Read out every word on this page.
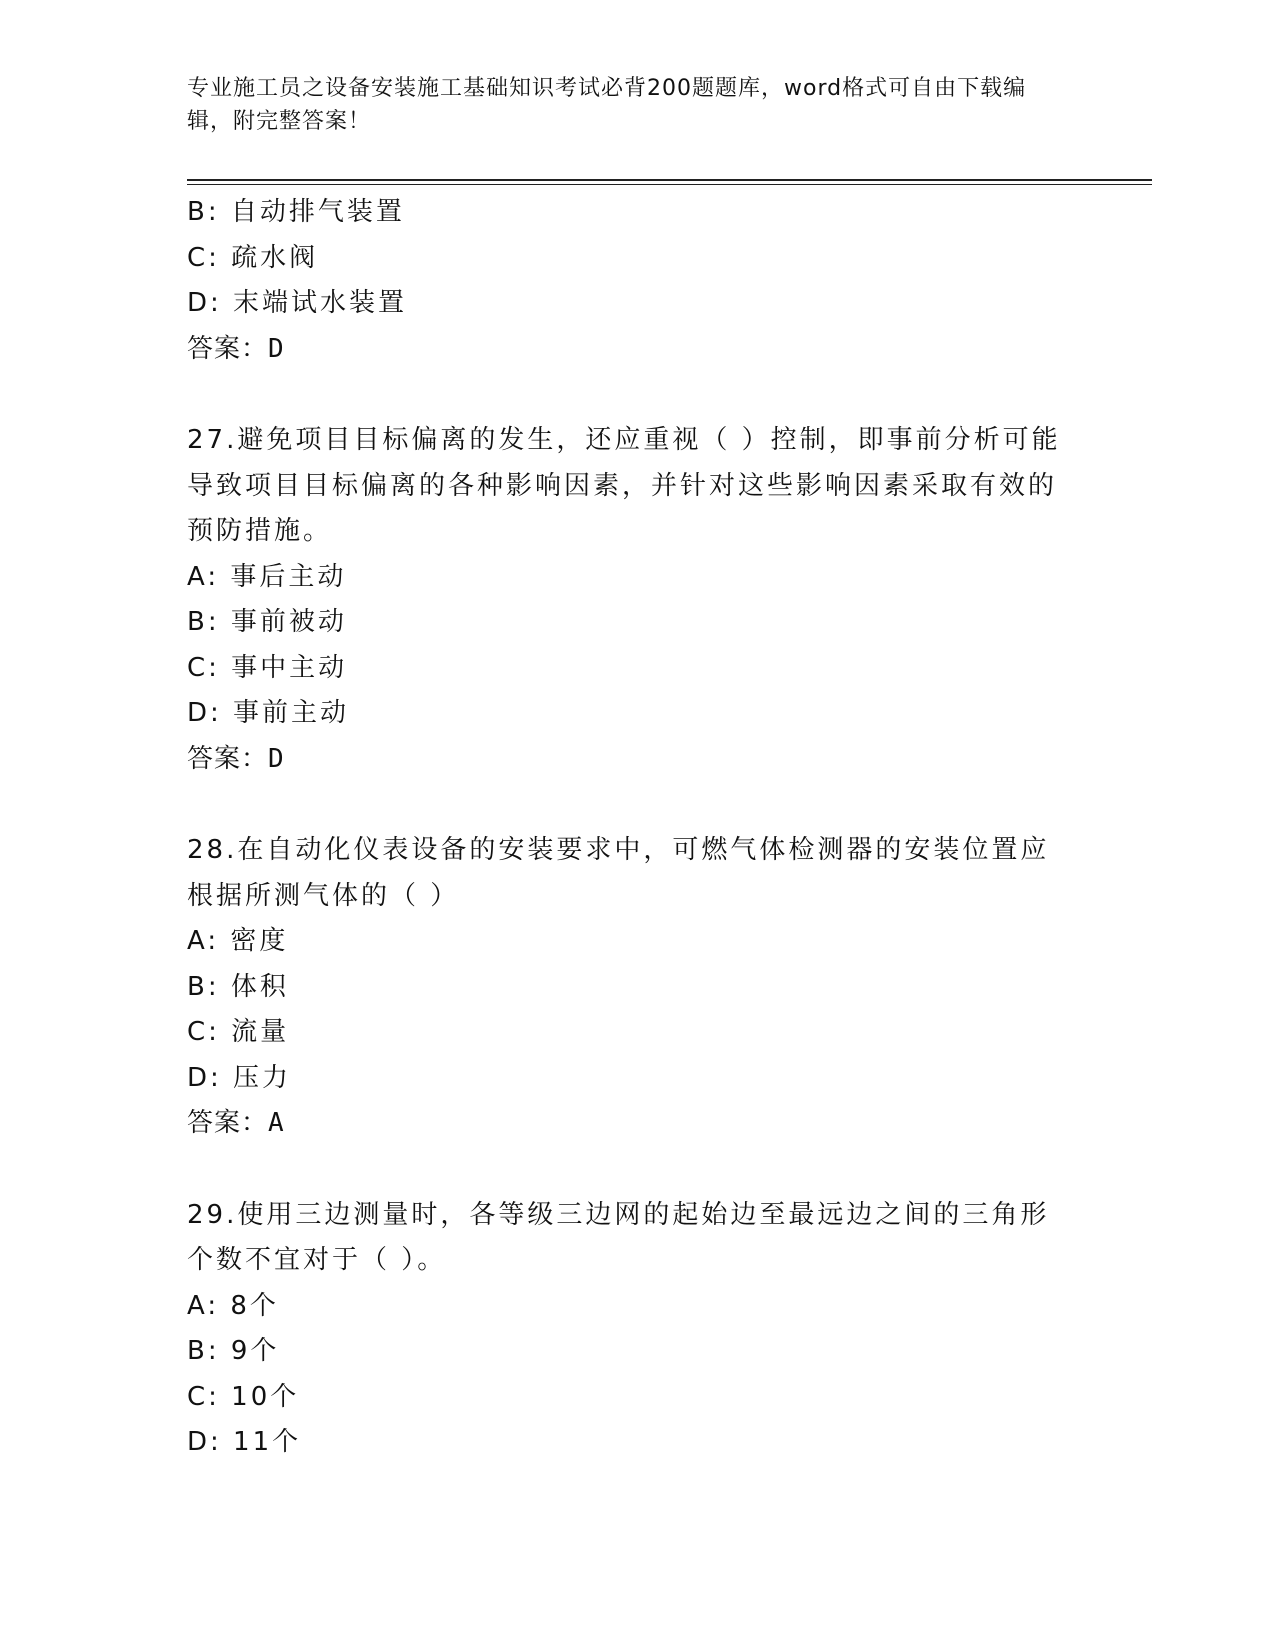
专业施工员之设备安装施工基础知识考试必背200题题库，word格式可自由下载编辑，附完整答案！
B: 自动排气装置
C: 疏水阀
D: 末端试水装置
答案：D
27.避免项目目标偏离的发生，还应重视（ ）控制，即事前分析可能导致项目目标偏离的各种影响因素，并针对这些影响因素采取有效的预防措施。
A: 事后主动
B: 事前被动
C: 事中主动
D: 事前主动
答案：D
28.在自动化仪表设备的安装要求中，可燃气体检测器的安装位置应根据所测气体的（ ）
A: 密度
B: 体积
C: 流量
D: 压力
答案：A
29.使用三边测量时，各等级三边网的起始边至最远边之间的三角形个数不宜对于（ ）。
A: 8个
B: 9个
C: 10个
D: 11个
